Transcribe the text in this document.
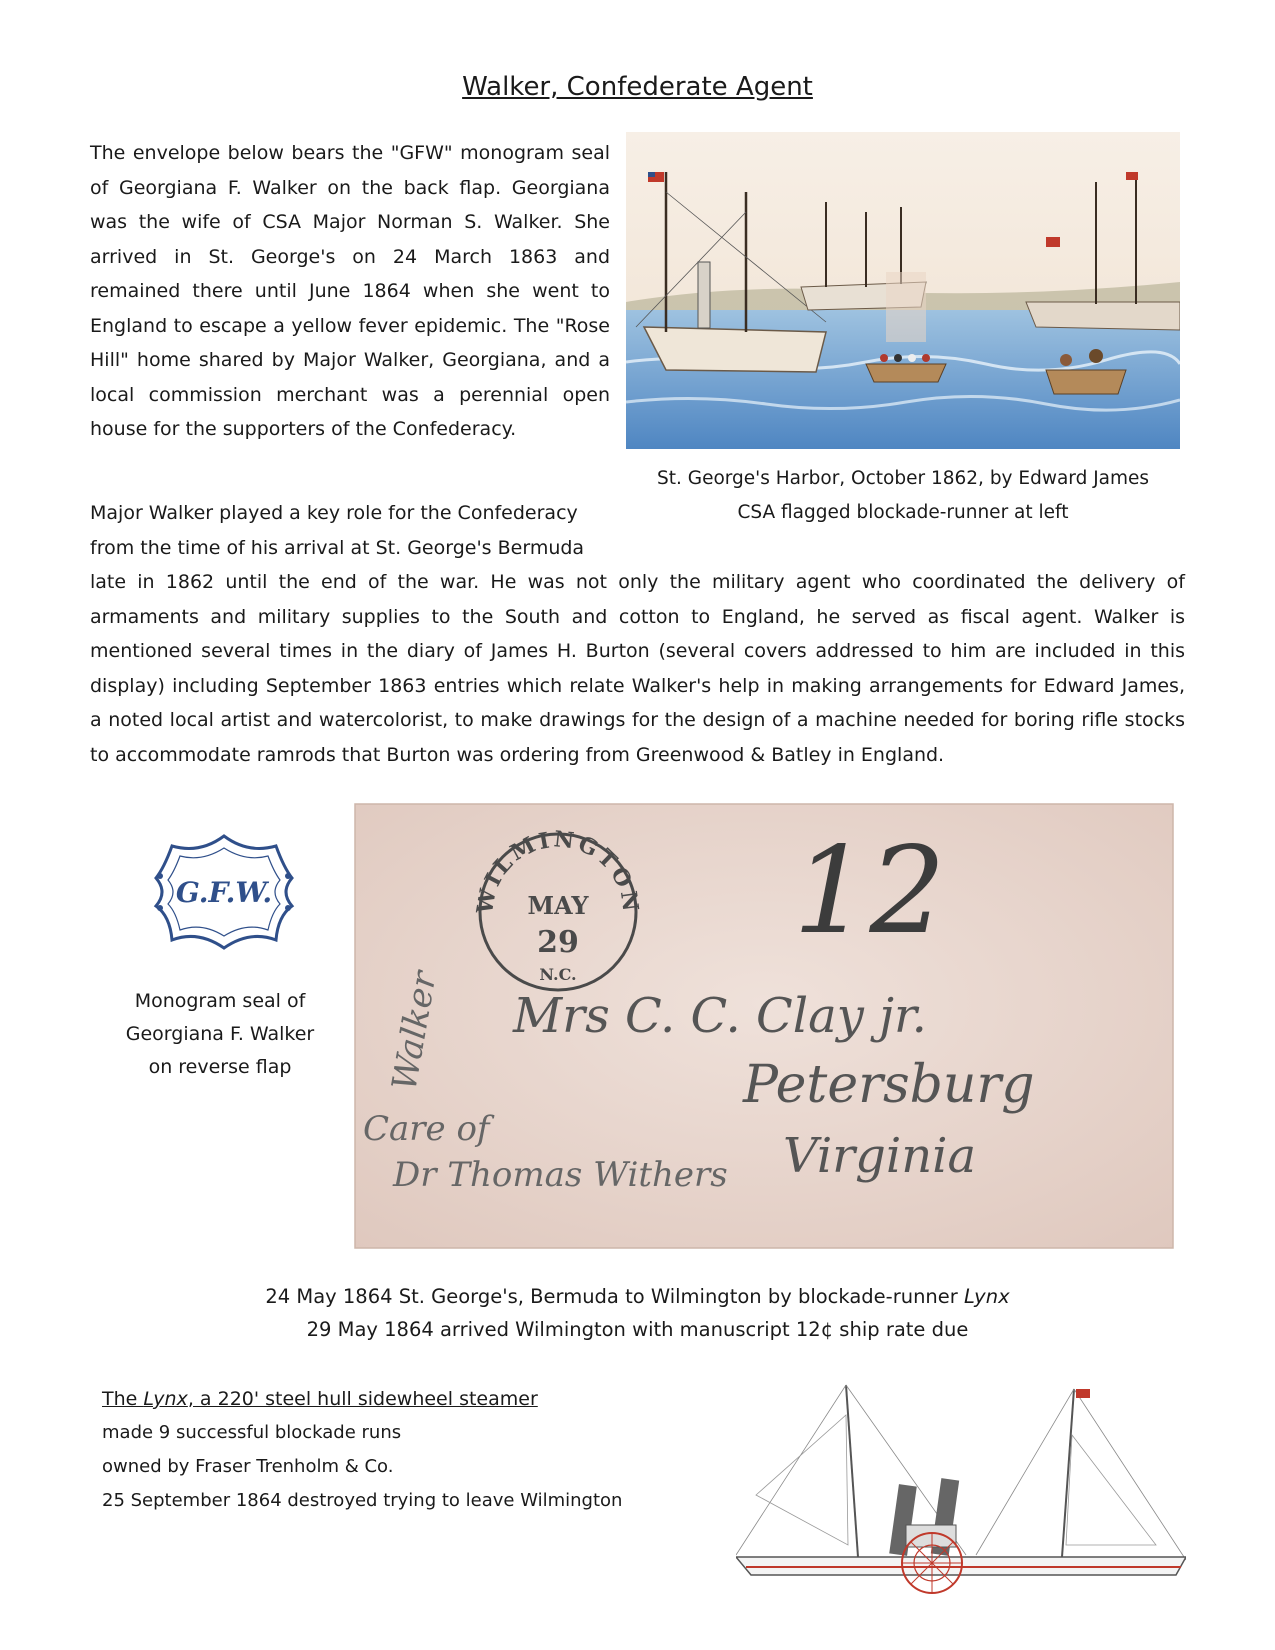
Walker, Confederate Agent
The envelope below bears the "GFW" monogram seal of Georgiana F. Walker on the back flap. Georgiana was the wife of CSA Major Norman S. Walker. She arrived in St. George's on 24 March 1863 and remained there until June 1864 when she went to England to escape a yellow fever epidemic. The "Rose Hill" home shared by Major Walker, Georgiana, and a local commission merchant was a perennial open house for the supporters of the Confederacy.
St. George's Harbor, October 1862, by Edward James
CSA flagged blockade-runner at left
Major Walker played a key role for the Confederacy from the time of his arrival at St. George's Bermuda
late in 1862 until the end of the war. He was not only the military agent who coordinated the delivery of armaments and military supplies to the South and cotton to England, he served as fiscal agent. Walker is mentioned several times in the diary of James H. Burton (several covers addressed to him are included in this display) including September 1863 entries which relate Walker's help in making arrangements for Edward James, a noted local artist and watercolorist, to make drawings for the design of a machine needed for boring rifle stocks to accommodate ramrods that Burton was ordering from Greenwood & Batley in England.
G.F.W.
Monogram seal of
Georgiana F. Walker
on reverse flap
WILMINGTON
MAY
29
N.C.
12
Mrs C. C. Clay jr.
Petersburg
Virginia
Care of
Dr Thomas Withers
Walker
24 May 1864 St. George's, Bermuda to Wilmington by blockade-runner Lynx
29 May 1864 arrived Wilmington with manuscript 12¢ ship rate due
The Lynx, a 220' steel hull sidewheel steamer
made 9 successful blockade runs
owned by Fraser Trenholm & Co.
25 September 1864 destroyed trying to leave Wilmington
